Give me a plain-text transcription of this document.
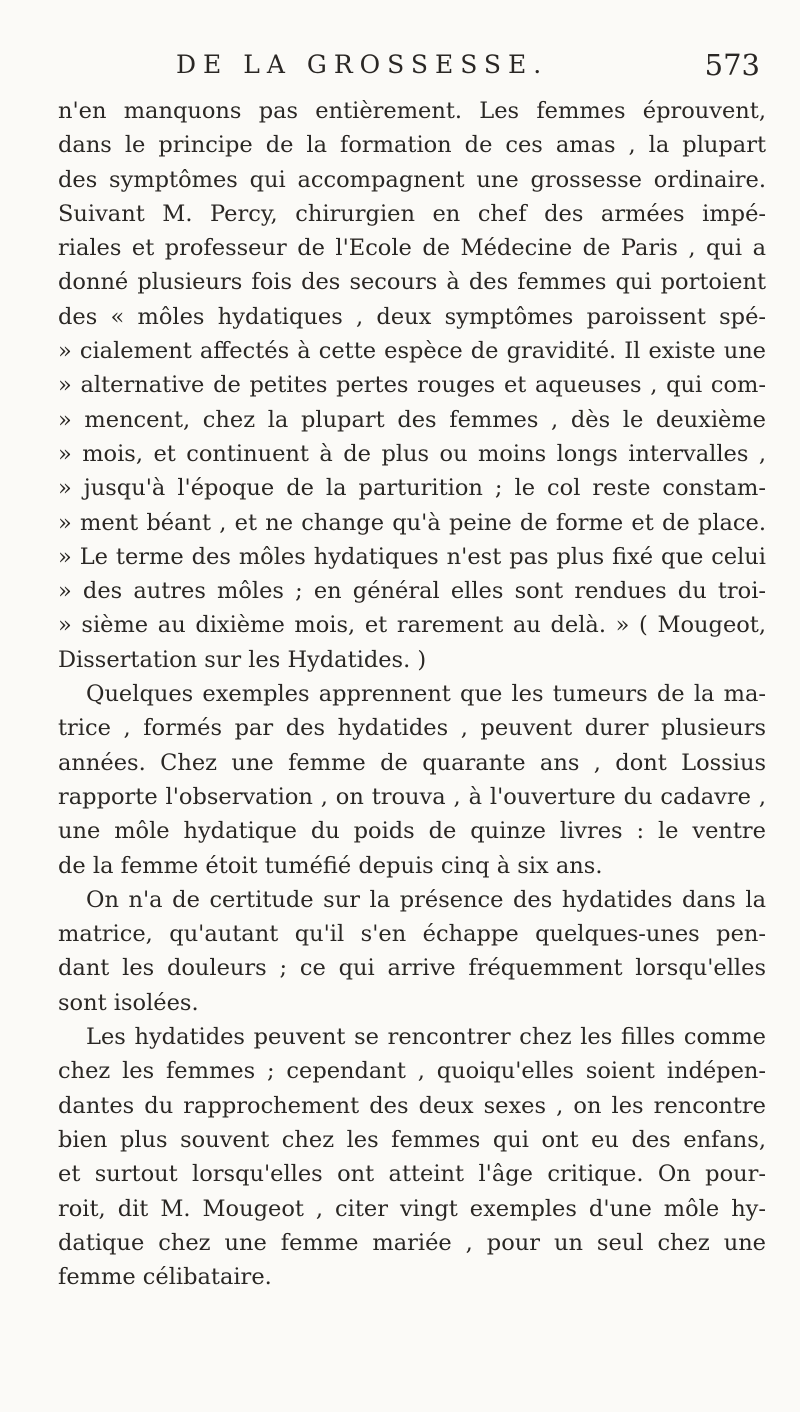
DE LA GROSSESSE.	573
n'en manquons pas entièrement. Les femmes éprouvent,
dans le principe de la formation de ces amas , la plupart
des symptômes qui accompagnent une grossesse ordinaire.
Suivant M. Percy, chirurgien en chef des armées impé-
riales et professeur de l'Ecole de Médecine de Paris , qui a
donné plusieurs fois des secours à des femmes qui portoient
des « môles hydatiques , deux symptômes paroissent spé-
» cialement affectés à cette espèce de gravidité. Il existe une
» alternative de petites pertes rouges et aqueuses , qui com-
» mencent, chez la plupart des femmes , dès le deuxième
» mois, et continuent à de plus ou moins longs intervalles ,
» jusqu'à l'époque de la parturition ; le col reste constam-
» ment béant , et ne change qu'à peine de forme et de place.
» Le terme des môles hydatiques n'est pas plus fixé que celui
» des autres môles ; en général elles sont rendues du troi-
» sième au dixième mois, et rarement au delà. » ( Mougeot,
Dissertation sur les Hydatides. )
Quelques exemples apprennent que les tumeurs de la ma-
trice , formés par des hydatides , peuvent durer plusieurs
années. Chez une femme de quarante ans , dont Lossius
rapporte l'observation , on trouva , à l'ouverture du cadavre ,
une môle hydatique du poids de quinze livres : le ventre
de la femme étoit tuméfié depuis cinq à six ans.
On n'a de certitude sur la présence des hydatides dans la
matrice, qu'autant qu'il s'en échappe quelques-unes pen-
dant les douleurs ; ce qui arrive fréquemment lorsqu'elles
sont isolées.
Les hydatides peuvent se rencontrer chez les filles comme
chez les femmes ; cependant , quoiqu'elles soient indépen-
dantes du rapprochement des deux sexes , on les rencontre
bien plus souvent chez les femmes qui ont eu des enfans,
et surtout lorsqu'elles ont atteint l'âge critique. On pour-
roit, dit M. Mougeot , citer vingt exemples d'une môle hy-
datique chez une femme mariée , pour un seul chez une
femme célibataire.
